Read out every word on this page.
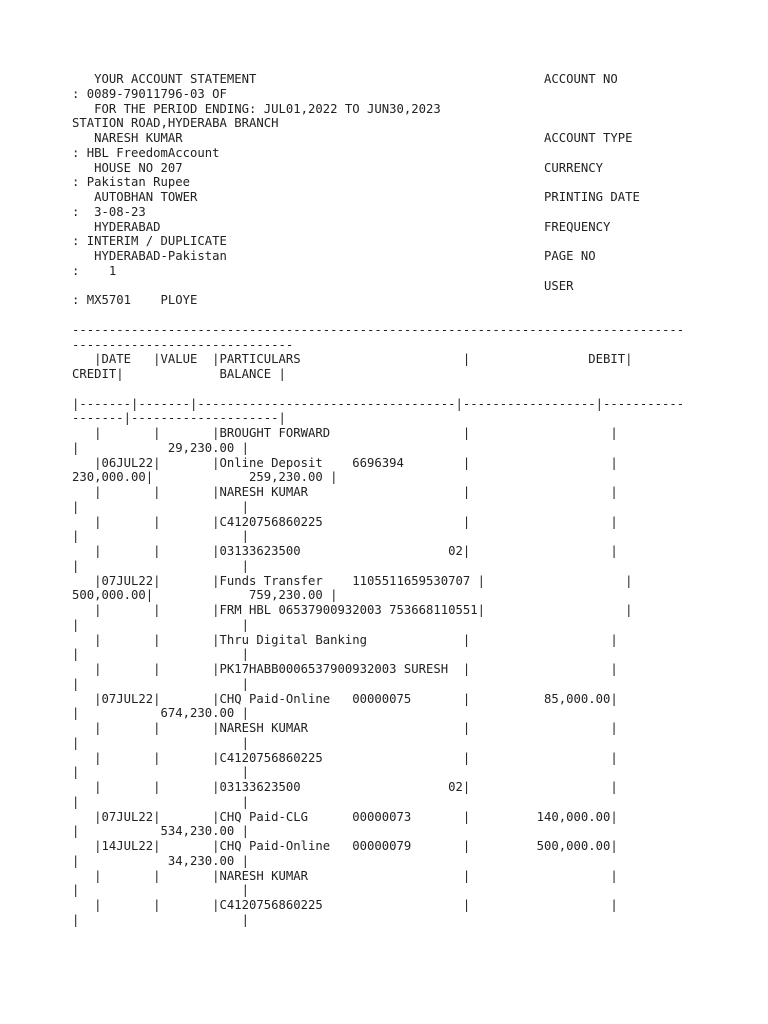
YOUR ACCOUNT STATEMENT                                       ACCOUNT NO
: 0089-79011796-03 OF
FOR THE PERIOD ENDING: JUL01,2022 TO JUN30,2023
STATION ROAD,HYDERABA BRANCH
NARESH KUMAR                                                 ACCOUNT TYPE
: HBL FreedomAccount
HOUSE NO 207                                                 CURRENCY
: Pakistan Rupee
AUTOBHAN TOWER                                               PRINTING DATE
:  3-08-23
HYDERABAD                                                    FREQUENCY
: INTERIM / DUPLICATE
HYDERABAD-Pakistan                                           PAGE NO
:    1
USER
: MX5701    PLOYE
-----------------------------------------------------------------------------------
------------------------------
|DATE   |VALUE  |PARTICULARS                      |                DEBIT|
CREDIT|             BALANCE |
|-------|-------|-----------------------------------|------------------|-----------
-------|--------------------|
|       |       |BROUGHT FORWARD                  |                   |
|            29,230.00 |
|06JUL22|       |Online Deposit    6696394        |                   |
230,000.00|             259,230.00 |
|       |       |NARESH KUMAR                     |                   |
|                      |
|       |       |C4120756860225                   |                   |
|                      |
|       |       |03133623500                    02|                   |
|                      |
|07JUL22|       |Funds Transfer    1105511659530707 |                   |
500,000.00|             759,230.00 |
|       |       |FRM HBL 06537900932003 753668110551|                   |
|                      |
|       |       |Thru Digital Banking             |                   |
|                      |
|       |       |PK17HABB0006537900932003 SURESH  |                   |
|                      |
|07JUL22|       |CHQ Paid-Online   00000075       |          85,000.00|
|           674,230.00 |
|       |       |NARESH KUMAR                     |                   |
|                      |
|       |       |C4120756860225                   |                   |
|                      |
|       |       |03133623500                    02|                   |
|                      |
|07JUL22|       |CHQ Paid-CLG      00000073       |         140,000.00|
|           534,230.00 |
|14JUL22|       |CHQ Paid-Online   00000079       |         500,000.00|
|            34,230.00 |
|       |       |NARESH KUMAR                     |                   |
|                      |
|       |       |C4120756860225                   |                   |
|                      |
